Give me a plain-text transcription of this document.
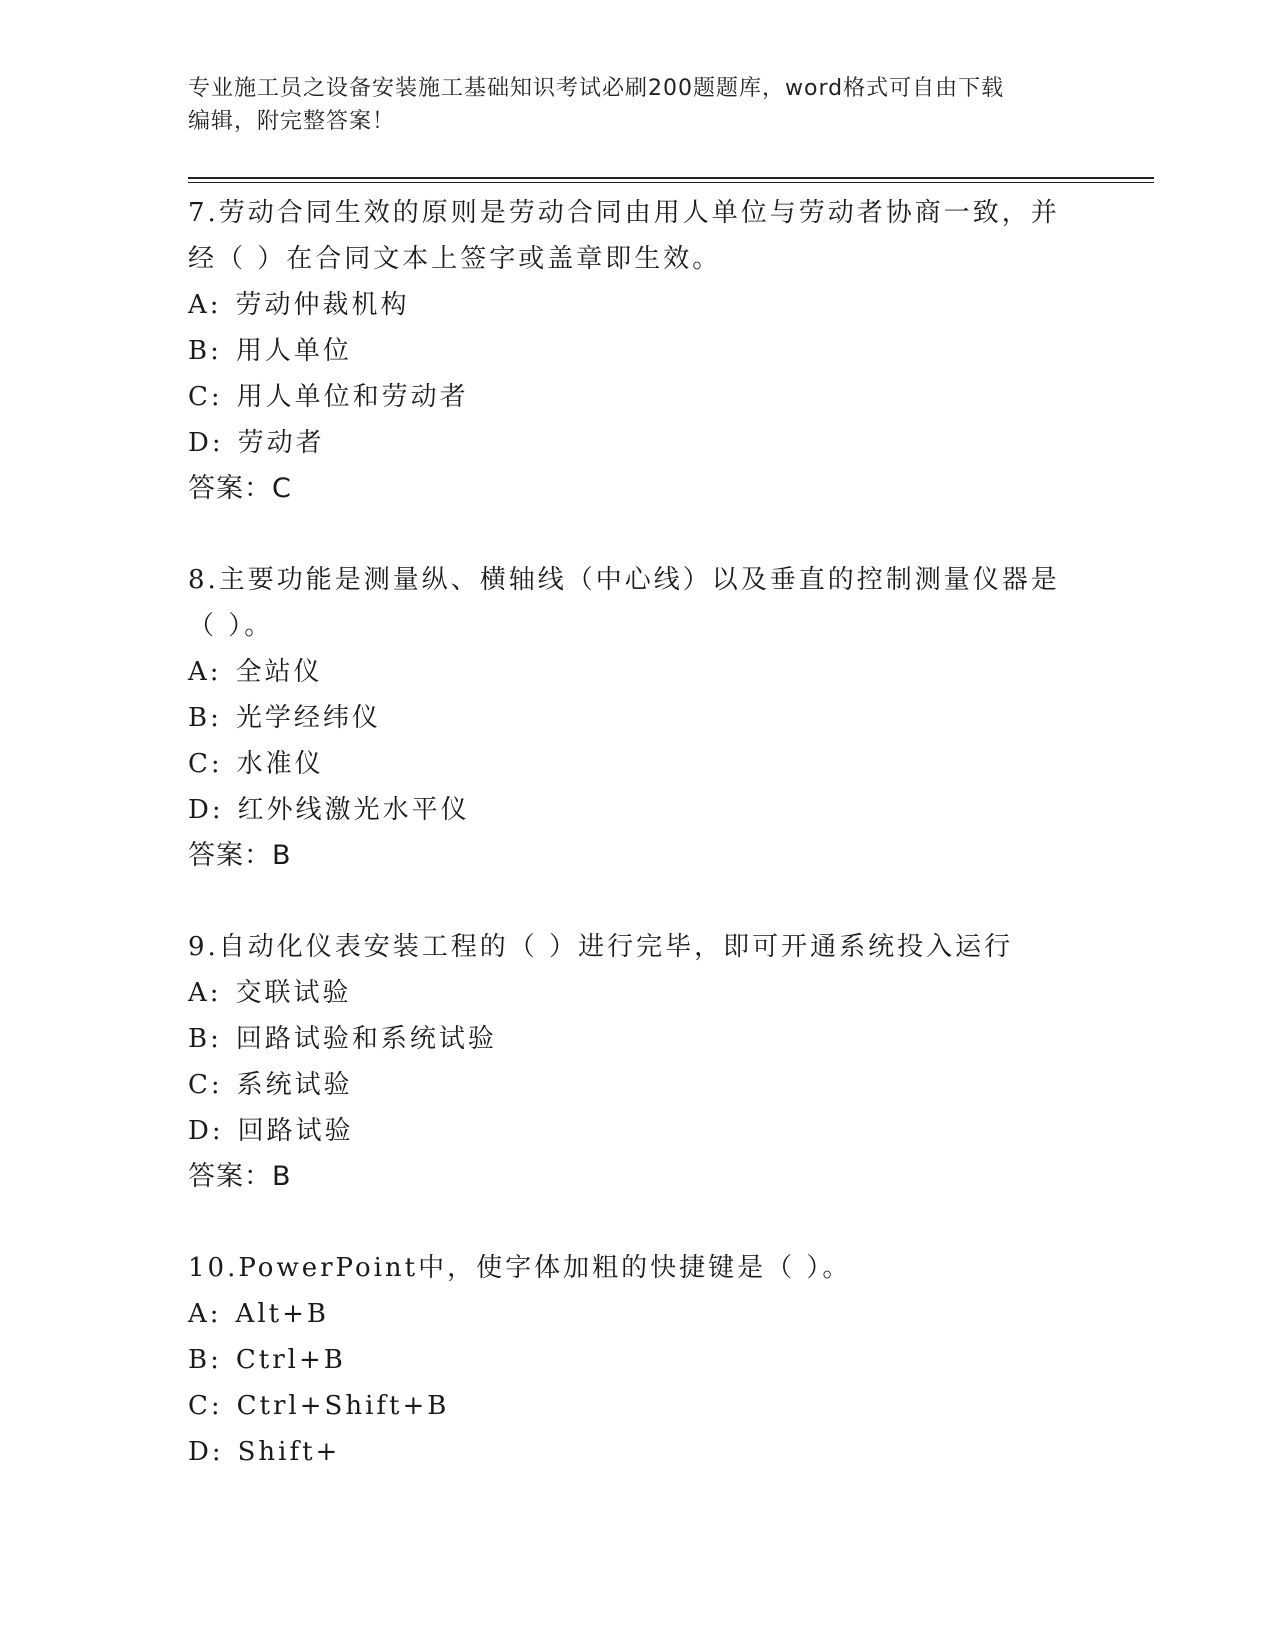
专业施工员之设备安装施工基础知识考试必刷200题题库，word格式可自由下载
编辑，附完整答案！

7.劳动合同生效的原则是劳动合同由用人单位与劳动者协商一致，并

经（ ）在合同文本上签字或盖章即生效。

A: 劳动仲裁机构
B: 用人单位
C: 用人单位和劳动者
D: 劳动者

答案：C

8.主要功能是测量纵、横轴线（中心线）以及垂直的控制测量仪器是

（ ）。

A: 全站仪
B: 光学经纬仪
C: 水准仪
D: 红外线激光水平仪

答案：B

9.自动化仪表安装工程的（ ）进行完毕，即可开通系统投入运行

A: 交联试验
B: 回路试验和系统试验
C: 系统试验
D: 回路试验

答案：B

10.PowerPoint中，使字体加粗的快捷键是（ ）。

A: Alt+B
B: Ctrl+B
C: Ctrl+Shift+B
D: Shift+
